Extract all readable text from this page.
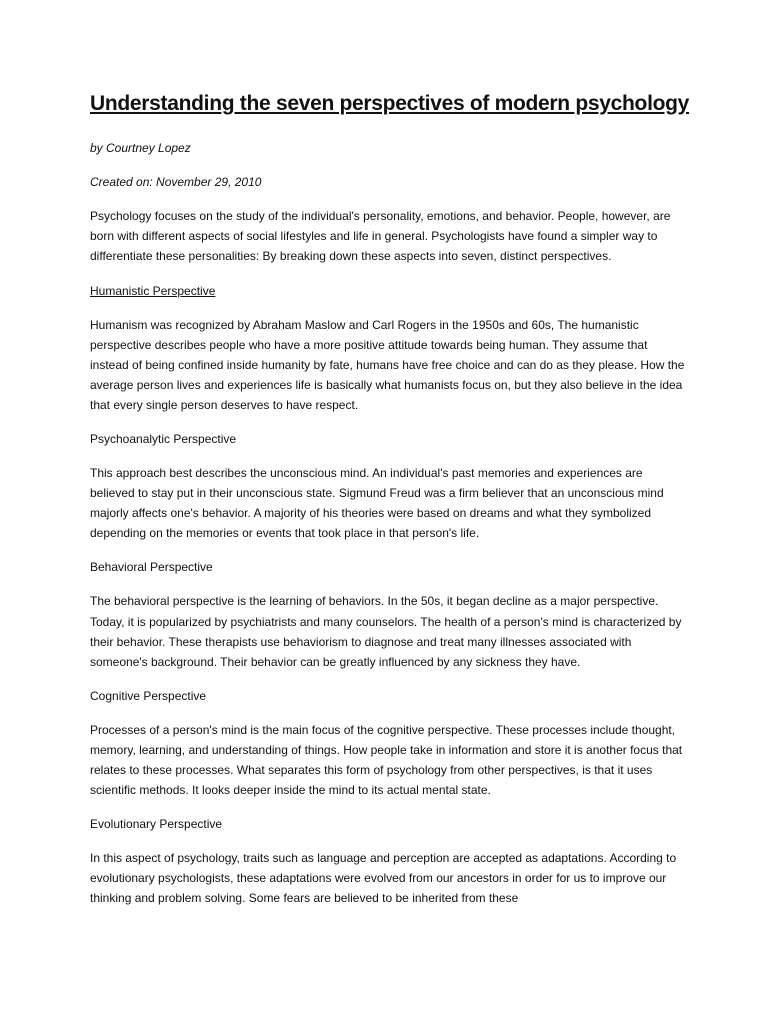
Understanding the seven perspectives of modern psychology
by Courtney Lopez
Created on: November 29, 2010

Psychology focuses on the study of the individual's personality, emotions, and behavior. People, however, are born with different aspects of social lifestyles and life in general. Psychologists have found a simpler way to differentiate these personalities: By breaking down these aspects into seven, distinct perspectives.

Humanistic Perspective

Humanism was recognized by Abraham Maslow and Carl Rogers in the 1950s and 60s, The humanistic perspective describes people who have a more positive attitude towards being human. They assume that instead of being confined inside humanity by fate, humans have free choice and can do as they please. How the average person lives and experiences life is basically what humanists focus on, but they also believe in the idea that every single person deserves to have respect.

Psychoanalytic Perspective

This approach best describes the unconscious mind. An individual's past memories and experiences are believed to stay put in their unconscious state. Sigmund Freud was a firm believer that an unconscious mind majorly affects one's behavior. A majority of his theories were based on dreams and what they symbolized depending on the memories or events that took place in that person's life.

Behavioral Perspective

The behavioral perspective is the learning of behaviors. In the 50s, it began decline as a major perspective. Today, it is popularized by psychiatrists and many counselors. The health of a person's mind is characterized by their behavior. These therapists use behaviorism to diagnose and treat many illnesses associated with someone's background. Their behavior can be greatly influenced by any sickness they have.

Cognitive Perspective

Processes of a person's mind is the main focus of the cognitive perspective. These processes include thought, memory, learning, and understanding of things. How people take in information and store it is another focus that relates to these processes. What separates this form of psychology from other perspectives, is that it uses scientific methods. It looks deeper inside the mind to its actual mental state.

Evolutionary Perspective

In this aspect of psychology, traits such as language and perception are accepted as adaptations. According to evolutionary psychologists, these adaptations were evolved from our ancestors in order for us to improve our thinking and problem solving. Some fears are believed to be inherited from these
